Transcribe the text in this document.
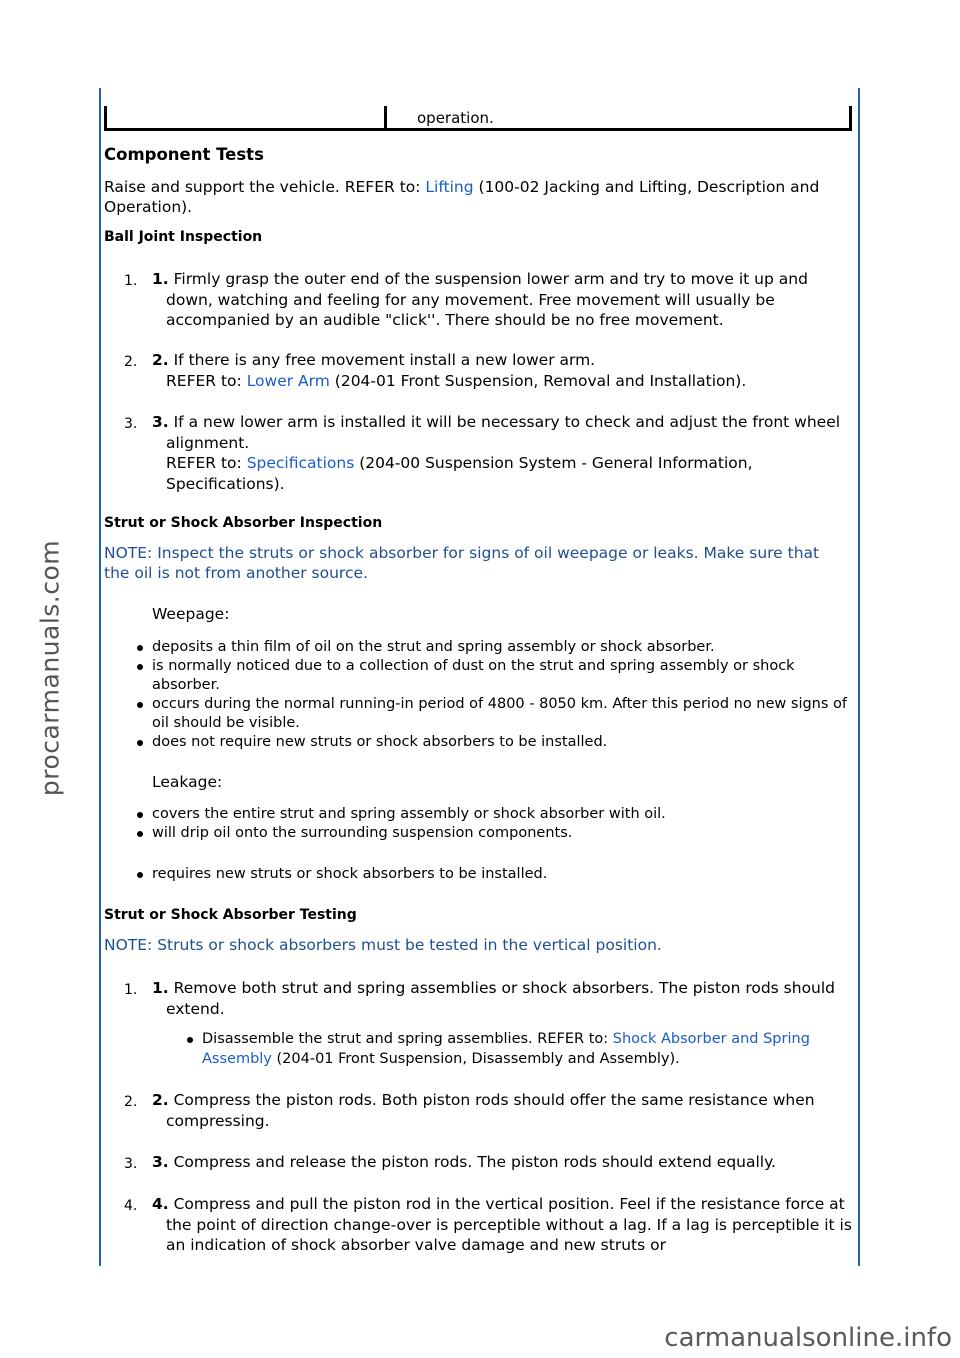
procarmanuals.com
carmanualsonline.info
operation.
Component Tests

Raise and support the vehicle. REFER to: Lifting (100-02 Jacking and Lifting, Description and Operation).

Ball Joint Inspection
1. 1. Firmly grasp the outer end of the suspension lower arm and try to move it up and down, watching and feeling for any movement. Free movement will usually be accompanied by an audible "click''. There should be no free movement.
2. 2. If there is any free movement install a new lower arm.
REFER to: Lower Arm (204-01 Front Suspension, Removal and Installation).
3. 3. If a new lower arm is installed it will be necessary to check and adjust the front wheel alignment.
REFER to: Specifications (204-00 Suspension System - General Information, Specifications).
Strut or Shock Absorber Inspection

NOTE: Inspect the struts or shock absorber for signs of oil weepage or leaks. Make sure that the oil is not from another source.

Weepage:
deposits a thin film of oil on the strut and spring assembly or shock absorber.
is normally noticed due to a collection of dust on the strut and spring assembly or shock absorber.
occurs during the normal running-in period of 4800 - 8050 km. After this period no new signs of oil should be visible.
does not require new struts or shock absorbers to be installed.
Leakage:
covers the entire strut and spring assembly or shock absorber with oil.
will drip oil onto the surrounding suspension components.
requires new struts or shock absorbers to be installed.
Strut or Shock Absorber Testing

NOTE: Struts or shock absorbers must be tested in the vertical position.

1. 1. Remove both strut and spring assemblies or shock absorbers. The piston rods should extend.
Disassemble the strut and spring assemblies. REFER to: Shock Absorber and Spring Assembly (204-01 Front Suspension, Disassembly and Assembly).
2. 2. Compress the piston rods. Both piston rods should offer the same resistance when compressing.
3. 3. Compress and release the piston rods. The piston rods should extend equally.
4. 4. Compress and pull the piston rod in the vertical position. Feel if the resistance force at the point of direction change-over is perceptible without a lag. If a lag is perceptible it is an indication of shock absorber valve damage and new struts or
